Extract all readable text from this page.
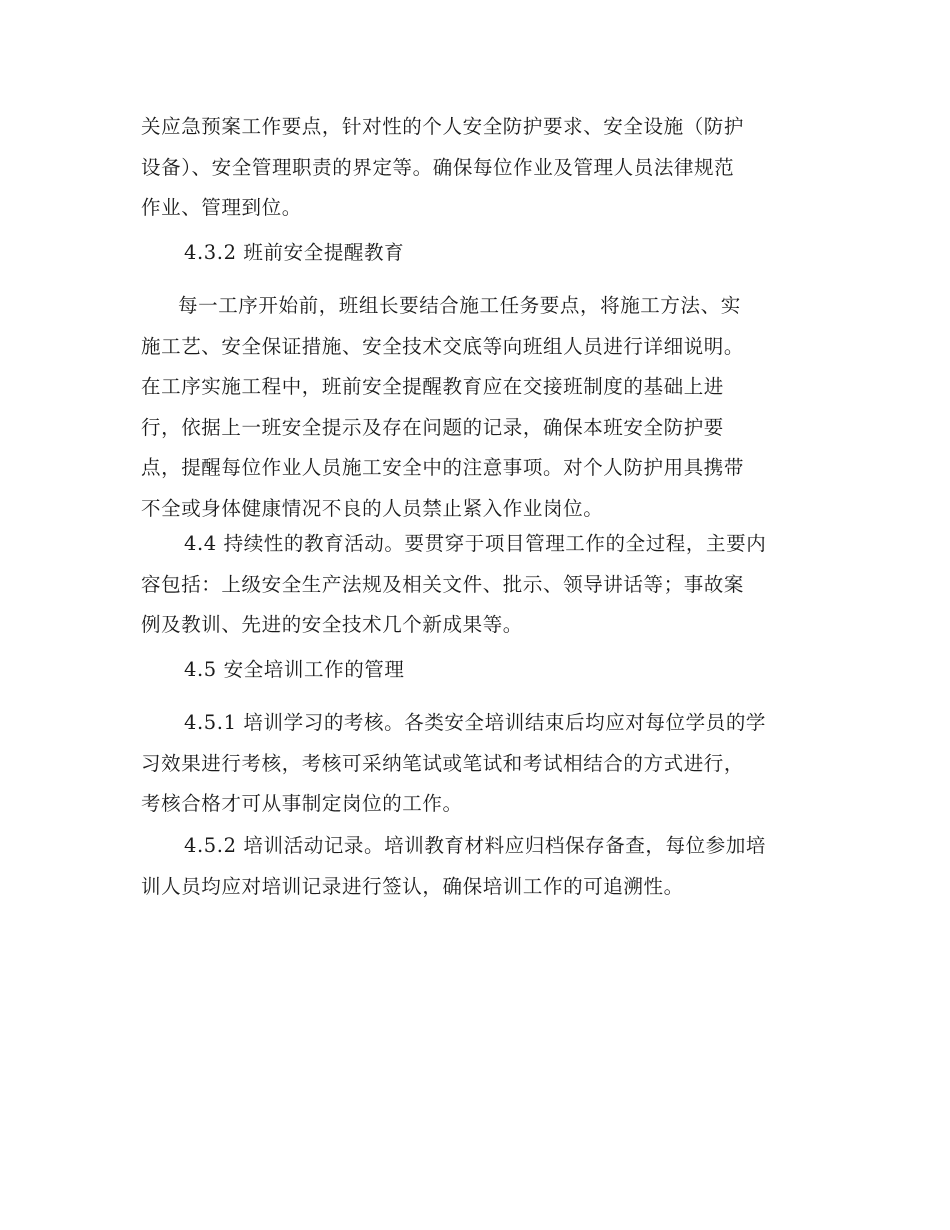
关应急预案工作要点，针对性的个人安全防护要求、安全设施（防护
设备）、安全管理职责的界定等。确保每位作业及管理人员法律规范
作业、管理到位。

4.3.2 班前安全提醒教育

每一工序开始前，班组长要结合施工任务要点，将施工方法、实
施工艺、安全保证措施、安全技术交底等向班组人员进行详细说明。
在工序实施工程中，班前安全提醒教育应在交接班制度的基础上进
行，依据上一班安全提示及存在问题的记录，确保本班安全防护要
点，提醒每位作业人员施工安全中的注意事项。对个人防护用具携带
不全或身体健康情况不良的人员禁止紧入作业岗位。

4.4 持续性的教育活动。要贯穿于项目管理工作的全过程，主要内
容包括：上级安全生产法规及相关文件、批示、领导讲话等；事故案
例及教训、先进的安全技术几个新成果等。

4.5 安全培训工作的管理

4.5.1 培训学习的考核。各类安全培训结束后均应对每位学员的学
习效果进行考核，考核可采纳笔试或笔试和考试相结合的方式进行，
考核合格才可从事制定岗位的工作。

4.5.2 培训活动记录。培训教育材料应归档保存备查，每位参加培
训人员均应对培训记录进行签认，确保培训工作的可追溯性。
